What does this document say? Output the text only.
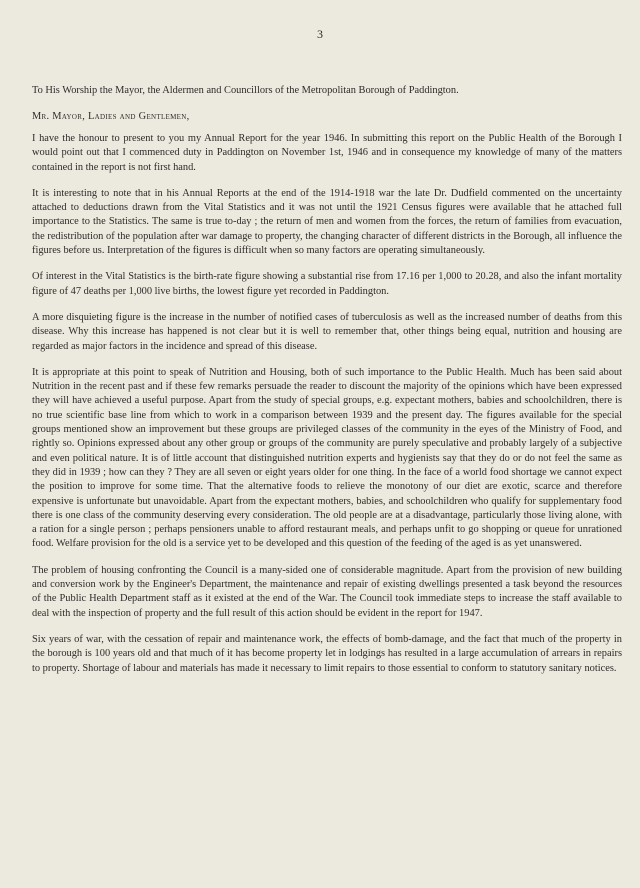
3

To His Worship the Mayor, the Aldermen and Councillors of the Metropolitan Borough of Paddington.

Mr. Mayor, Ladies and Gentlemen,

I have the honour to present to you my Annual Report for the year 1946. In submitting this report on the Public Health of the Borough I would point out that I commenced duty in Paddington on November 1st, 1946 and in consequence my knowledge of many of the matters contained in the report is not first hand.

It is interesting to note that in his Annual Reports at the end of the 1914-1918 war the late Dr. Dudfield commented on the uncertainty attached to deductions drawn from the Vital Statistics and it was not until the 1921 Census figures were available that he attached full importance to the Statistics. The same is true to-day ; the return of men and women from the forces, the return of families from evacuation, the redistribution of the population after war damage to property, the changing character of different districts in the Borough, all influence the figures before us. Interpretation of the figures is difficult when so many factors are operating simultaneously.

Of interest in the Vital Statistics is the birth-rate figure showing a substantial rise from 17.16 per 1,000 to 20.28, and also the infant mortality figure of 47 deaths per 1,000 live births, the lowest figure yet recorded in Paddington.

A more disquieting figure is the increase in the number of notified cases of tuberculosis as well as the increased number of deaths from this disease. Why this increase has happened is not clear but it is well to remember that, other things being equal, nutrition and housing are regarded as major factors in the incidence and spread of this disease.

It is appropriate at this point to speak of Nutrition and Housing, both of such importance to the Public Health. Much has been said about Nutrition in the recent past and if these few remarks persuade the reader to discount the majority of the opinions which have been expressed they will have achieved a useful purpose. Apart from the study of special groups, e.g. expectant mothers, babies and schoolchildren, there is no true scientific base line from which to work in a comparison between 1939 and the present day. The figures available for the special groups mentioned show an improvement but these groups are privileged classes of the community in the eyes of the Ministry of Food, and rightly so. Opinions expressed about any other group or groups of the community are purely speculative and probably largely of a subjective and even political nature. It is of little account that distinguished nutrition experts and hygienists say that they do or do not feel the same as they did in 1939 ; how can they ? They are all seven or eight years older for one thing. In the face of a world food shortage we cannot expect the position to improve for some time. That the alternative foods to relieve the monotony of our diet are exotic, scarce and therefore expensive is unfortunate but unavoidable. Apart from the expectant mothers, babies, and schoolchildren who qualify for supplementary food there is one class of the community deserving every consideration. The old people are at a disadvantage, particularly those living alone, with a ration for a single person ; perhaps pensioners unable to afford restaurant meals, and perhaps unfit to go shopping or queue for unrationed food. Welfare provision for the old is a service yet to be developed and this question of the feeding of the aged is as yet unanswered.

The problem of housing confronting the Council is a many-sided one of considerable magnitude. Apart from the provision of new building and conversion work by the Engineer's Department, the maintenance and repair of existing dwellings presented a task beyond the resources of the Public Health Department staff as it existed at the end of the War. The Council took immediate steps to increase the staff available to deal with the inspection of property and the full result of this action should be evident in the report for 1947.

Six years of war, with the cessation of repair and maintenance work, the effects of bomb-damage, and the fact that much of the property in the borough is 100 years old and that much of it has become property let in lodgings has resulted in a large accumulation of arrears in repairs to property. Shortage of labour and materials has made it necessary to limit repairs to those essential to conform to statutory sanitary notices.
